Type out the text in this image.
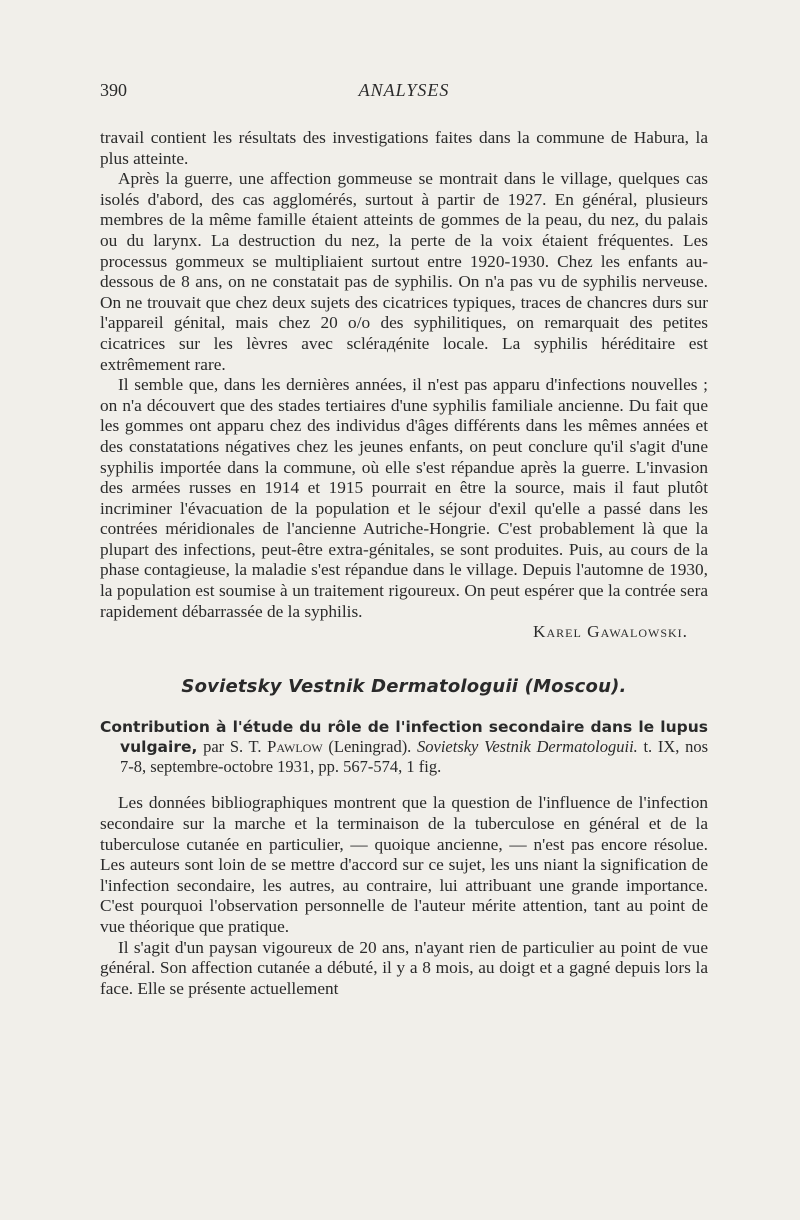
390	ANALYSES

travail contient les résultats des investigations faites dans la commune de Habura, la plus atteinte.

Après la guerre, une affection gommeuse se montrait dans le village, quelques cas isolés d'abord, des cas agglomérés, surtout à partir de 1927. En général, plusieurs membres de la même famille étaient atteints de gommes de la peau, du nez, du palais ou du larynx. La destruction du nez, la perte de la voix étaient fréquentes. Les processus gommeux se multipliaient surtout entre 1920-1930. Chez les enfants au-dessous de 8 ans, on ne constatait pas de syphilis. On n'a pas vu de syphilis nerveuse. On ne trouvait que chez deux sujets des cicatrices typiques, traces de chancres durs sur l'appareil génital, mais chez 20 o/o des syphilitiques, on remarquait des petites cicatrices sur les lèvres avec sclérадénite locale. La syphilis héréditaire est extrêmement rare.

Il semble que, dans les dernières années, il n'est pas apparu d'infections nouvelles ; on n'a découvert que des stades tertiaires d'une syphilis familiale ancienne. Du fait que les gommes ont apparu chez des individus d'âges différents dans les mêmes années et des constatations négatives chez les jeunes enfants, on peut conclure qu'il s'agit d'une syphilis importée dans la commune, où elle s'est répandue après la guerre. L'invasion des armées russes en 1914 et 1915 pourrait en être la source, mais il faut plutôt incriminer l'évacuation de la population et le séjour d'exil qu'elle a passé dans les contrées méridionales de l'ancienne Autriche-Hongrie. C'est probablement là que la plupart des infections, peut-être extra-génitales, se sont produites. Puis, au cours de la phase contagieuse, la maladie s'est répandue dans le village. Depuis l'automne de 1930, la population est soumise à un traitement rigoureux. On peut espérer que la contrée sera rapidement débarrassée de la syphilis.

Karel Gawalowski.

Sovietsky Vestnik Dermatologuii (Moscou).

Contribution à l'étude du rôle de l'infection secondaire dans le lupus vulgaire, par S. T. Pawlow (Leningrad). Sovietsky Vestnik Dermatologuii. t. IX, nos 7-8, septembre-octobre 1931, pp. 567-574, 1 fig.

Les données bibliographiques montrent que la question de l'influence de l'infection secondaire sur la marche et la terminaison de la tuberculose en général et de la tuberculose cutanée en particulier, — quoique ancienne, — n'est pas encore résolue. Les auteurs sont loin de se mettre d'accord sur ce sujet, les uns niant la signification de l'infection secondaire, les autres, au contraire, lui attribuant une grande importance. C'est pourquoi l'observation personnelle de l'auteur mérite attention, tant au point de vue théorique que pratique.

Il s'agit d'un paysan vigoureux de 20 ans, n'ayant rien de particulier au point de vue général. Son affection cutanée a débuté, il y a 8 mois, au doigt et a gagné depuis lors la face. Elle se présente actuellement
